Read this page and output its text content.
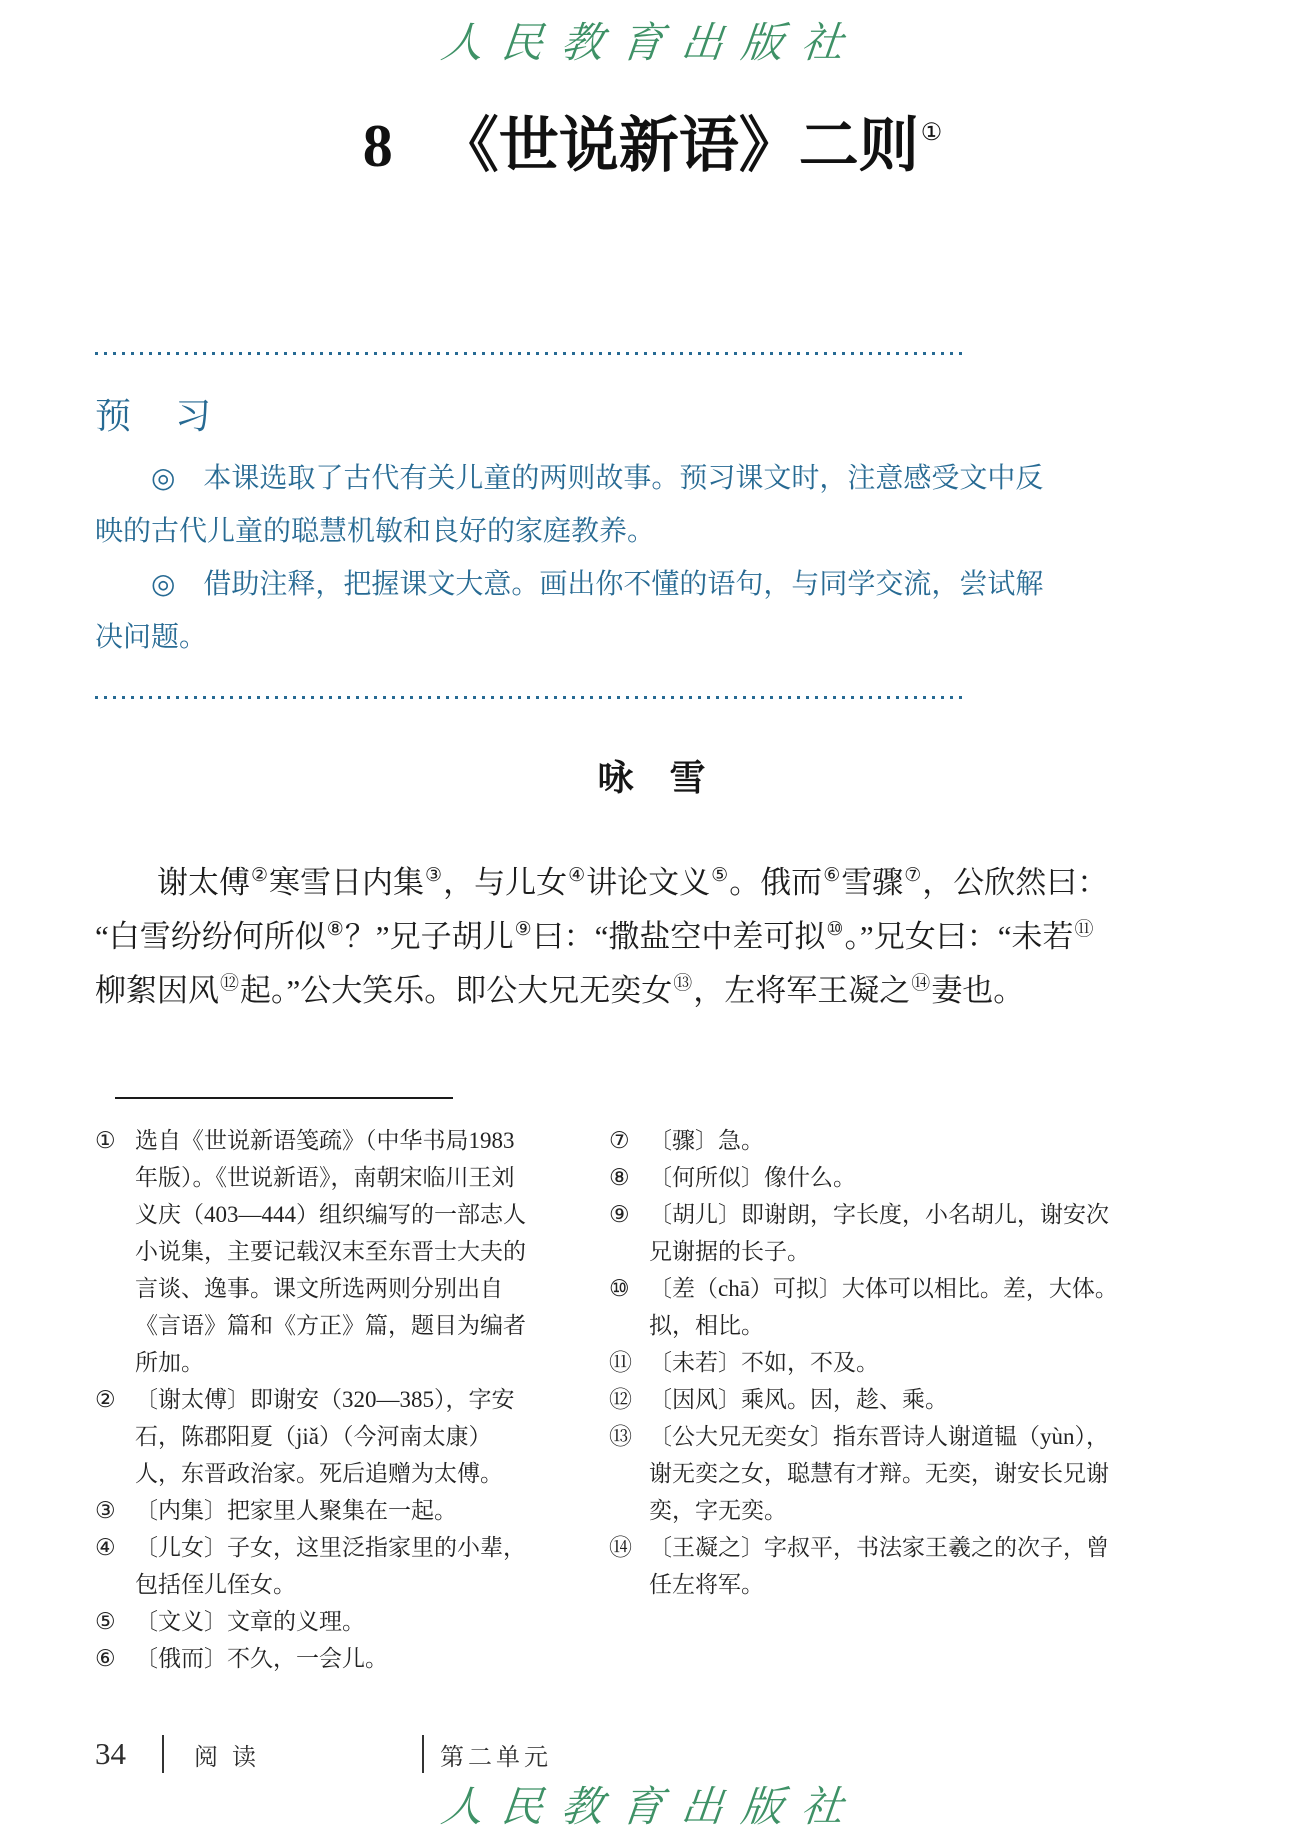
人民教育出版社
8 《世说新语》二则①
预　习
◎　本课选取了古代有关儿童的两则故事。预习课文时，注意感受文中反
映的古代儿童的聪慧机敏和良好的家庭教养。
◎　借助注释，把握课文大意。画出你不懂的语句，与同学交流，尝试解
决问题。
咏　雪
谢太傅②寒雪日内集③，与儿女④讲论文义⑤。俄而⑥雪骤⑦，公欣然曰：
“白雪纷纷何所似⑧？”兄子胡儿⑨曰：“撒盐空中差可拟⑩。”兄女曰：“未若⑪
柳絮因风⑫起。”公大笑乐。即公大兄无奕女⑬，左将军王凝之⑭妻也。
① 选自《世说新语笺疏》（中华书局1983年版）。《世说新语》，南朝宋临川王刘义庆（403—444）组织编写的一部志人小说集，主要记载汉末至东晋士大夫的言谈、逸事。课文所选两则分别出自《言语》篇和《方正》篇，题目为编者所加。
② 〔谢太傅〕即谢安（320—385），字安石，陈郡阳夏（jiǎ）（今河南太康）人，东晋政治家。死后追赠为太傅。
③ 〔内集〕把家里人聚集在一起。
④ 〔儿女〕子女，这里泛指家里的小辈，包括侄儿侄女。
⑤ 〔文义〕文章的义理。
⑥ 〔俄而〕不久，一会儿。
⑦ 〔骤〕急。
⑧ 〔何所似〕像什么。
⑨ 〔胡儿〕即谢朗，字长度，小名胡儿，谢安次兄谢据的长子。
⑩ 〔差（chā）可拟〕大体可以相比。差，大体。拟，相比。
⑪ 〔未若〕不如，不及。
⑫ 〔因风〕乘风。因，趁、乘。
⑬ 〔公大兄无奕女〕指东晋诗人谢道韫（yùn），谢无奕之女，聪慧有才辩。无奕，谢安长兄谢奕，字无奕。
⑭ 〔王凝之〕字叔平，书法家王羲之的次子，曾任左将军。
34	阅读	第二单元
人民教育出版社
